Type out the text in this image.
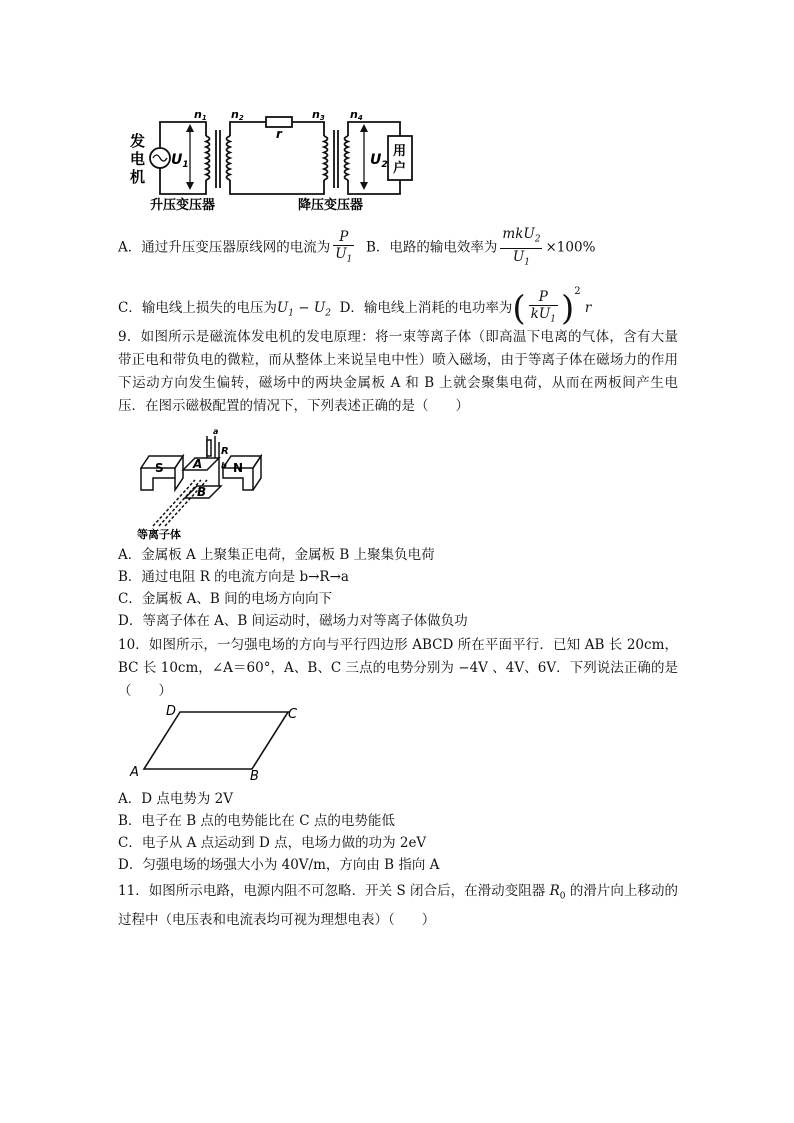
发
电
机
n1 n2	n3 n4
r
$U_1$	$U_2$
用
户
升压变压器	降压变压器
A．通过升压变压器原线网的电流为 $\frac{P}{U_1}$ B．电路的输电效率为 $\frac{mkU_2}{U_1} \times 100\%$
C．输电线上损失的电压为$U_1 - U_2$ D．输电线上消耗的电功率为( $\frac{P}{kU_1} )^2$ r
9．如图所示是磁流体发电机的发电原理：将一束等离子体（即高温下电离的气体，含有大量带正电和带负电的微粒，而从整体上来说呈电中性）喷入磁场，由于等离子体在磁场力的作用下运动方向发生偏转，磁场中的两块金属板 A 和 B 上就会聚集电荷，从而在两板间产生电压．在图示磁极配置的情况下，下列表述正确的是（　　）
S	N
A
B
R
a
b
等离子体
A．金属板 A 上聚集正电荷，金属板 B 上聚集负电荷
B．通过电阻 R 的电流方向是 b→R→a
C．金属板 A、B 间的电场方向向下
D．等离子体在 A、B 间运动时，磁场力对等离子体做负功
10．如图所示，一匀强电场的方向与平行四边形 ABCD 所在平面平行．已知 AB 长 20cm，BC 长 10cm，∠A＝60°，A、B、C 三点的电势分别为 −4V 、4V、6V．下列说法正确的是（　　）
A	B
C
D
A．D 点电势为 2V
B．电子在 B 点的电势能比在 C 点的电势能低
C．电子从 A 点运动到 D 点，电场力做的功为 2eV
D．匀强电场的场强大小为 40V/m，方向由 B 指向 A
11．如图所示电路，电源内阻不可忽略．开关 S 闭合后，在滑动变阻器 $R_0$ 的滑片向上移动的过程中（电压表和电流表均可视为理想电表）（　　）
